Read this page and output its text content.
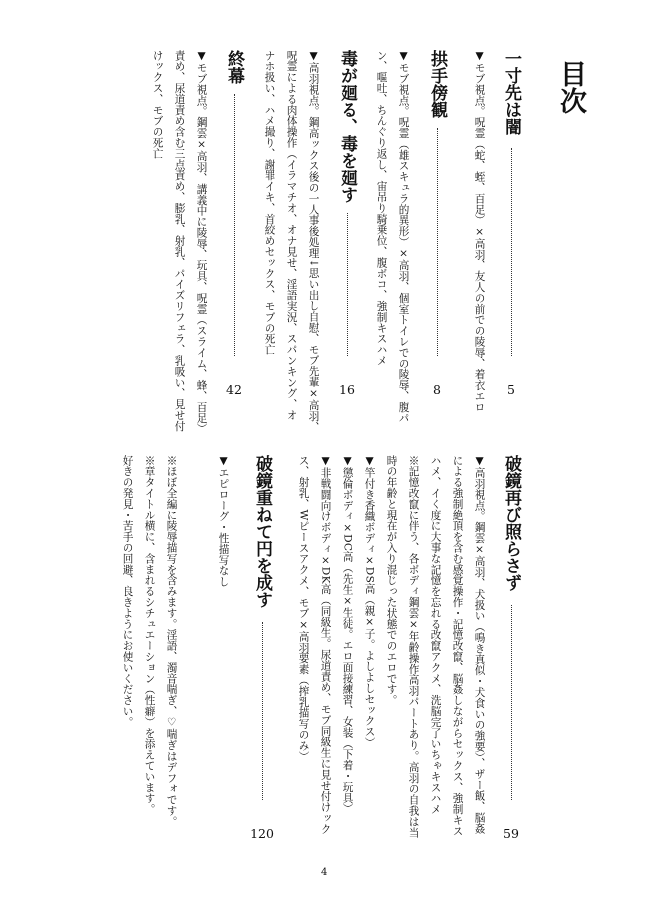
目次
一寸先は闇
5
▼モブ視点。呪霊（蛇、蛭、百足）×高羽、友人の前での陵辱、着衣エロ
拱手傍観
8
▼モブ視点。呪霊（雄スキュラ的異形）×高羽、個室トイレでの陵辱、腹パ
ン、嘔吐、ちんぐり返し、宙吊り騎乗位、腹ボコ、強制キスハメ
毒が廻る、毒を廻す
16
▼高羽視点。鋼高ックス後の一人事後処理↓思い出し自慰、モブ先輩×高羽、
呪霊による肉体操作（イラマチオ、オナ見せ、淫語実況、スパンキング、オ
ナホ扱い、ハメ撮り、謝罪イキ、首絞めセックス、モブの死亡
終幕
42
▼モブ視点。鋼雲×高羽、講義中に陵辱、玩具、呪霊（スライム、蜂、百足）
責め、尿道責め含む三点責め、膨乳、射乳、パイズリフェラ、乳吸い、見せ付
けックス、モブの死亡
破鏡再び照らさず
59
▼高羽視点。鋼雲×高羽、犬扱い（鳴き真似・犬食いの強要）、ザー飯、脳姦
による強制絶頂を含む感覚操作・記憶改竄、脳姦しながらセックス、強制キス
ハメ、イく度に大事な記憶を忘れる改竄アクメ、洗脳完了いちゃキスハメ
※記憶改竄に伴う、各ボディ鋼雲×年齢操作高羽パートあり。高羽の自我は当
時の年齢と現在が入り混じった状態でのエロです。
▼竿付き香織ボディ×DS高（親×子。よしよしセックス）
▼懲倫ボディ×DC高（先生×生徒。エロ面接練習、女装（下着・玩具）
▼非戦闘向けボディ×DK高（同級生。尿道責め、モブ同級生に見せ付けック
ス、射乳、Wピースアクメ、モブ×高羽要素（搾乳描写のみ）
破鏡重ねて円を成す
120
▼エピローグ・性描写なし
※ほぼ全編に陵辱描写を含みます。淫語、濁音喘ぎ、♡喘ぎはデフォです。
※章タイトル横に、含まれるシチュエーション（性癖）を添えています。
好きの発見・苦手の回避、良きようにお使いください。
4
